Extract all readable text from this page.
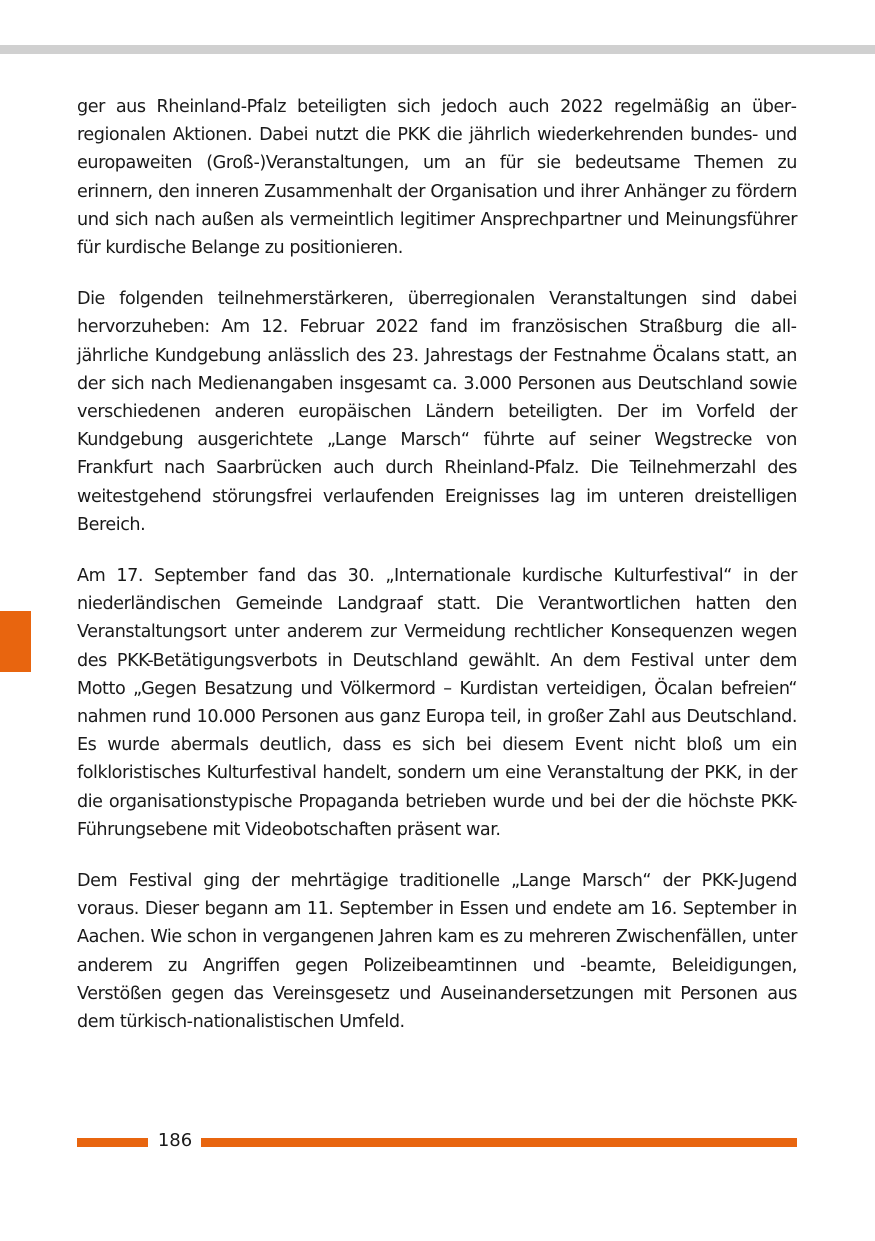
ger aus Rheinland-Pfalz beteiligten sich jedoch auch 2022 regelmäßig an überregionalen Aktionen. Dabei nutzt die PKK die jährlich wiederkehrenden bundes- und europaweiten (Groß-)Veranstaltungen, um an für sie bedeutsame Themen zu erinnern, den inneren Zusammenhalt der Organisation und ihrer Anhänger zu fördern und sich nach außen als vermeintlich legitimer Ansprechpartner und Meinungsführer für kurdische Belange zu positionieren.

Die folgenden teilnehmerstärkeren, überregionalen Veranstaltungen sind dabei hervorzuheben: Am 12. Februar 2022 fand im französischen Straßburg die alljährliche Kundgebung anlässlich des 23. Jahrestags der Festnahme Öcalans statt, an der sich nach Medienangaben insgesamt ca. 3.000 Personen aus Deutschland sowie verschiedenen anderen europäischen Ländern beteiligten. Der im Vorfeld der Kundgebung ausgerichtete „Lange Marsch“ führte auf seiner Wegstrecke von Frankfurt nach Saarbrücken auch durch Rheinland-Pfalz. Die Teilnehmerzahl des weitestgehend störungsfrei verlaufenden Ereignisses lag im unteren dreistelligen Bereich.

Am 17. September fand das 30. „Internationale kurdische Kulturfestival“ in der niederländischen Gemeinde Landgraaf statt. Die Verantwortlichen hatten den Veranstaltungsort unter anderem zur Vermeidung rechtlicher Konsequenzen wegen des PKK-Betätigungsverbots in Deutschland gewählt. An dem Festival unter dem Motto „Gegen Besatzung und Völkermord – Kurdistan verteidigen, Öcalan befreien“ nahmen rund 10.000 Personen aus ganz Europa teil, in großer Zahl aus Deutschland. Es wurde abermals deutlich, dass es sich bei diesem Event nicht bloß um ein folkloristisches Kulturfestival handelt, sondern um eine Veranstaltung der PKK, in der die organisationstypische Propaganda betrieben wurde und bei der die höchste PKK-Führungsebene mit Videobotschaften präsent war.

Dem Festival ging der mehrtägige traditionelle „Lange Marsch“ der PKK-Jugend voraus. Dieser begann am 11. September in Essen und endete am 16. September in Aachen. Wie schon in vergangenen Jahren kam es zu mehreren Zwischenfällen, unter anderem zu Angriffen gegen Polizeibeamtinnen und -beamte, Beleidigungen, Verstößen gegen das Vereinsgesetz und Auseinandersetzungen mit Personen aus dem türkisch-nationalistischen Umfeld.

186
